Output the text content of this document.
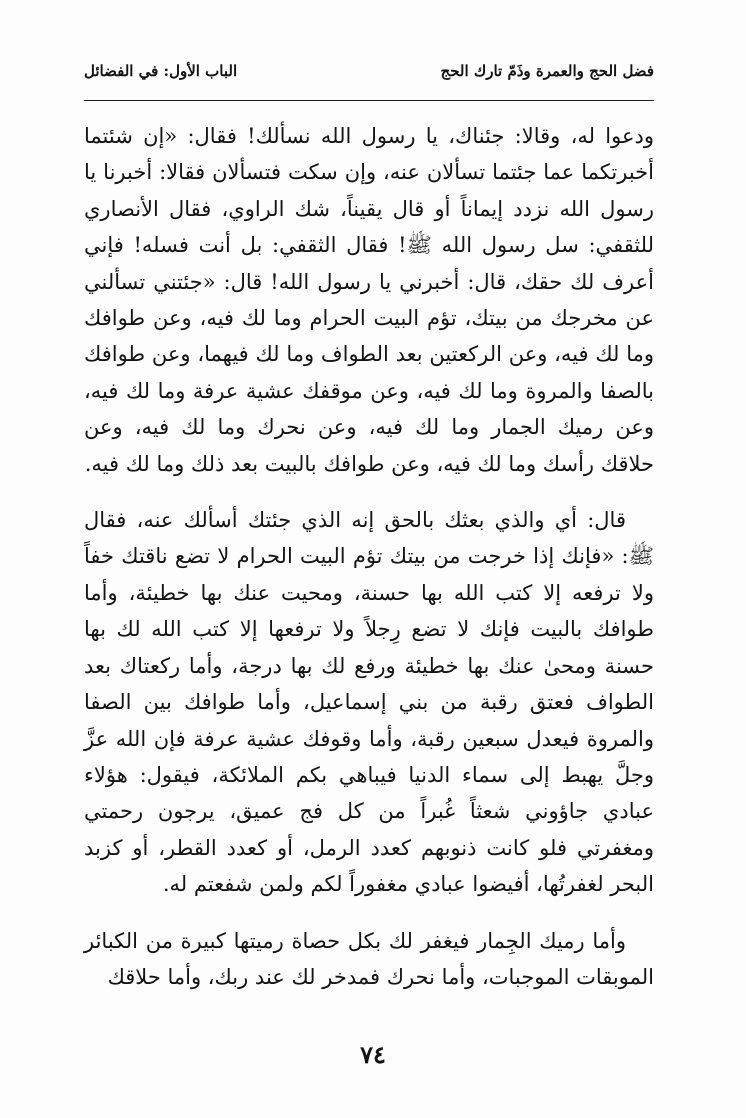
فضل الحج والعمرة وذَمّ تارك الحج
الباب الأول: في الفضائل

ودعوا له، وقالا: جئناك، يا رسول الله نسألك! فقال: «إن شئتما أخبرتكما عما جئتما تسألان عنه، وإن سكت فتسألان فقالا: أخبرنا يا رسول الله نزدد إيماناً أو قال يقيناً، شك الراوي، فقال الأنصاري للثقفي: سل رسول الله ﷺ! فقال الثقفي: بل أنت فسله! فإني أعرف لك حقك، قال: أخبرني يا رسول الله! قال: «جئتني تسألني عن مخرجك من بيتك، تؤم البيت الحرام وما لك فيه، وعن طوافك وما لك فيه، وعن الركعتين بعد الطواف وما لك فيهما، وعن طوافك بالصفا والمروة وما لك فيه، وعن موقفك عشية عرفة وما لك فيه، وعن رميك الجمار وما لك فيه، وعن نحرك وما لك فيه، وعن حلاقك رأسك وما لك فيه، وعن طوافك بالبيت بعد ذلك وما لك فيه.

قال: أي والذي بعثك بالحق إنه الذي جئتك أسألك عنه، فقال ﷺ: «فإنك إذا خرجت من بيتك تؤم البيت الحرام لا تضع ناقتك خفاً ولا ترفعه إلا كتب الله بها حسنة، ومحيت عنك بها خطيئة، وأما طوافك بالبيت فإنك لا تضع رِجلاً ولا ترفعها إلا كتب الله لك بها حسنة ومحىٰ عنك بها خطيئة ورفع لك بها درجة، وأما ركعتاك بعد الطواف فعتق رقبة من بني إسماعيل، وأما طوافك بين الصفا والمروة فيعدل سبعين رقبة، وأما وقوفك عشية عرفة فإن الله عزَّ وجلَّ يهبط إلى سماء الدنيا فيباهي بكم الملائكة، فيقول: هؤلاء عبادي جاؤوني شعثاً غُبراً من كل فج عميق، يرجون رحمتي ومغفرتي فلو كانت ذنوبهم كعدد الرمل، أو كعدد القطر، أو كزبد البحر لغفرتُها، أفيضوا عبادي مغفوراً لكم ولمن شفعتم له.

وأما رميك الجِمار فيغفر لك بكل حصاة رميتها كبيرة من الكبائر الموبقات الموجبات، وأما نحرك فمدخر لك عند ربك، وأما حلاقك

٧٤
